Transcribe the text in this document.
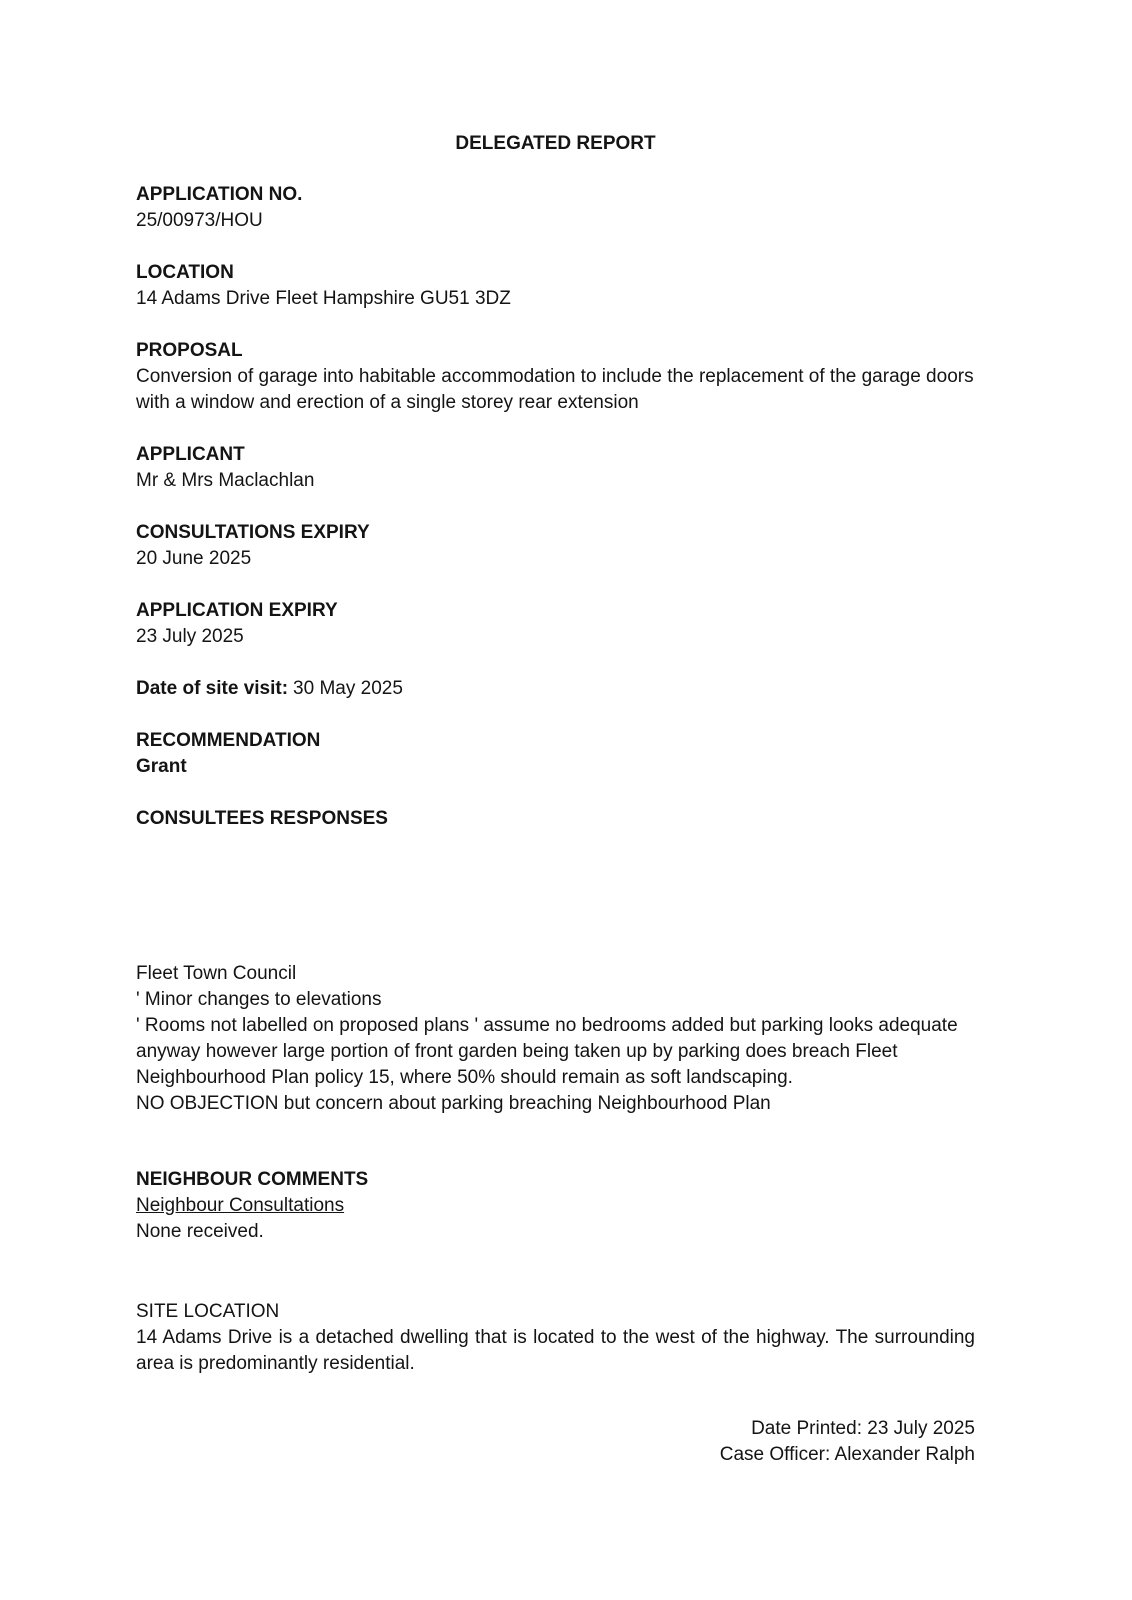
DELEGATED REPORT
APPLICATION NO.
25/00973/HOU
LOCATION
14 Adams Drive Fleet Hampshire GU51 3DZ
PROPOSAL
Conversion of garage into habitable accommodation to include the replacement of the garage doors with a window and erection of a single storey rear extension
APPLICANT
Mr & Mrs Maclachlan
CONSULTATIONS EXPIRY
20 June 2025
APPLICATION EXPIRY
23 July 2025
Date of site visit: 30 May 2025
RECOMMENDATION
Grant
CONSULTEES RESPONSES
Fleet Town Council
' Minor changes to elevations
' Rooms not labelled on proposed plans ' assume no bedrooms added but parking looks adequate anyway however large portion of front garden being taken up by parking does breach Fleet Neighbourhood Plan policy 15, where 50% should remain as soft landscaping.
NO OBJECTION but concern about parking breaching Neighbourhood Plan
NEIGHBOUR COMMENTS
Neighbour Consultations
None received.
SITE LOCATION
14 Adams Drive is a detached dwelling that is located to the west of the highway. The surrounding area is predominantly residential.
Date Printed: 23 July 2025
Case Officer: Alexander Ralph
